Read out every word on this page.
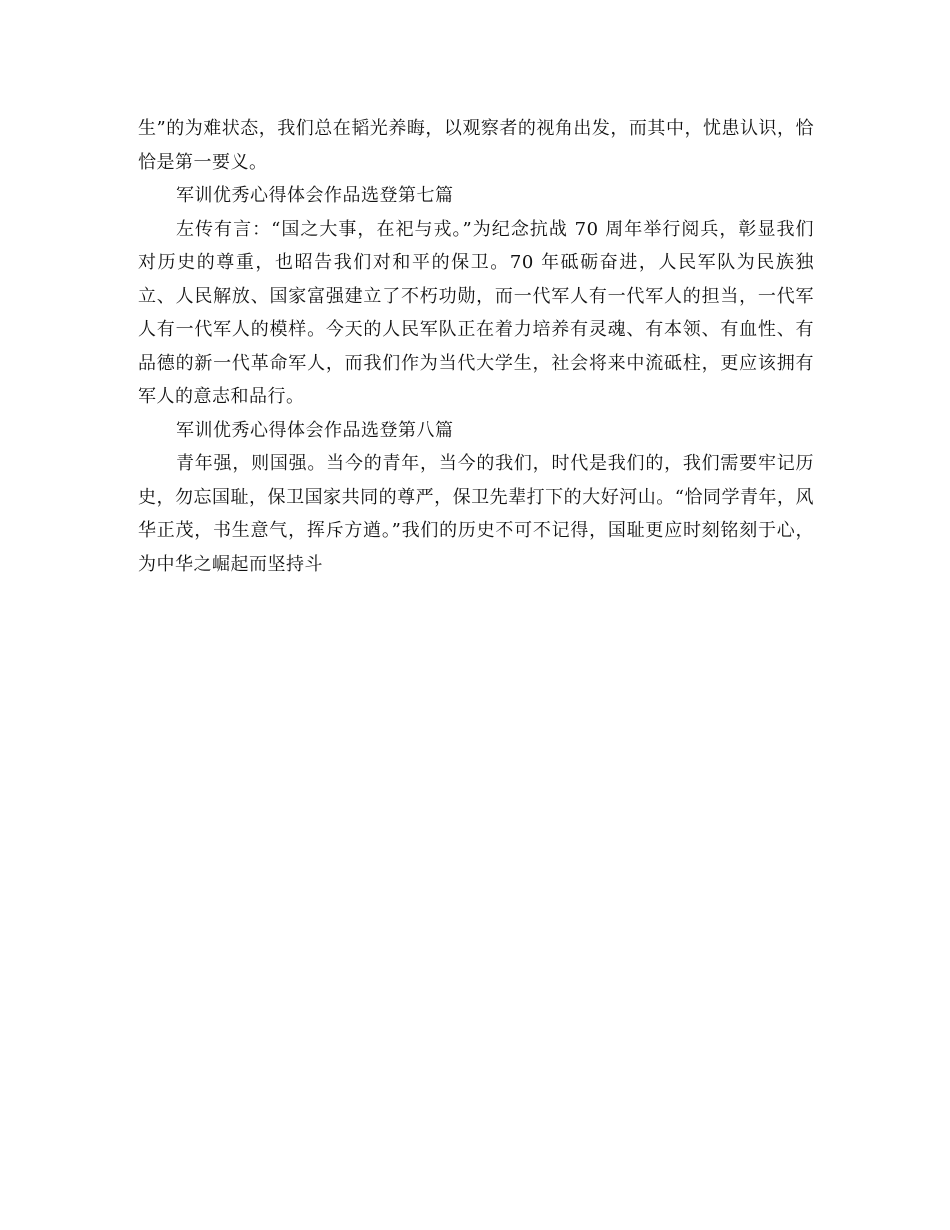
生”的为难状态，我们总在韬光养晦，以观察者的视角出发，而其中，忧患认识，恰恰是第一要义。

军训优秀心得体会作品选登第七篇

左传有言：“国之大事，在祀与戎。”为纪念抗战 70 周年举行阅兵，彰显我们对历史的尊重，也昭告我们对和平的保卫。70 年砥砺奋进，人民军队为民族独立、人民解放、国家富强建立了不朽功勋，而一代军人有一代军人的担当，一代军人有一代军人的模样。今天的人民军队正在着力培养有灵魂、有本领、有血性、有品德的新一代革命军人，而我们作为当代大学生，社会将来中流砥柱，更应该拥有军人的意志和品行。

军训优秀心得体会作品选登第八篇

青年强，则国强。当今的青年，当今的我们，时代是我们的，我们需要牢记历史，勿忘国耻，保卫国家共同的尊严，保卫先辈打下的大好河山。“恰同学青年，风华正茂，书生意气，挥斥方遒。”我们的历史不可不记得，国耻更应时刻铭刻于心，为中华之崛起而坚持斗
